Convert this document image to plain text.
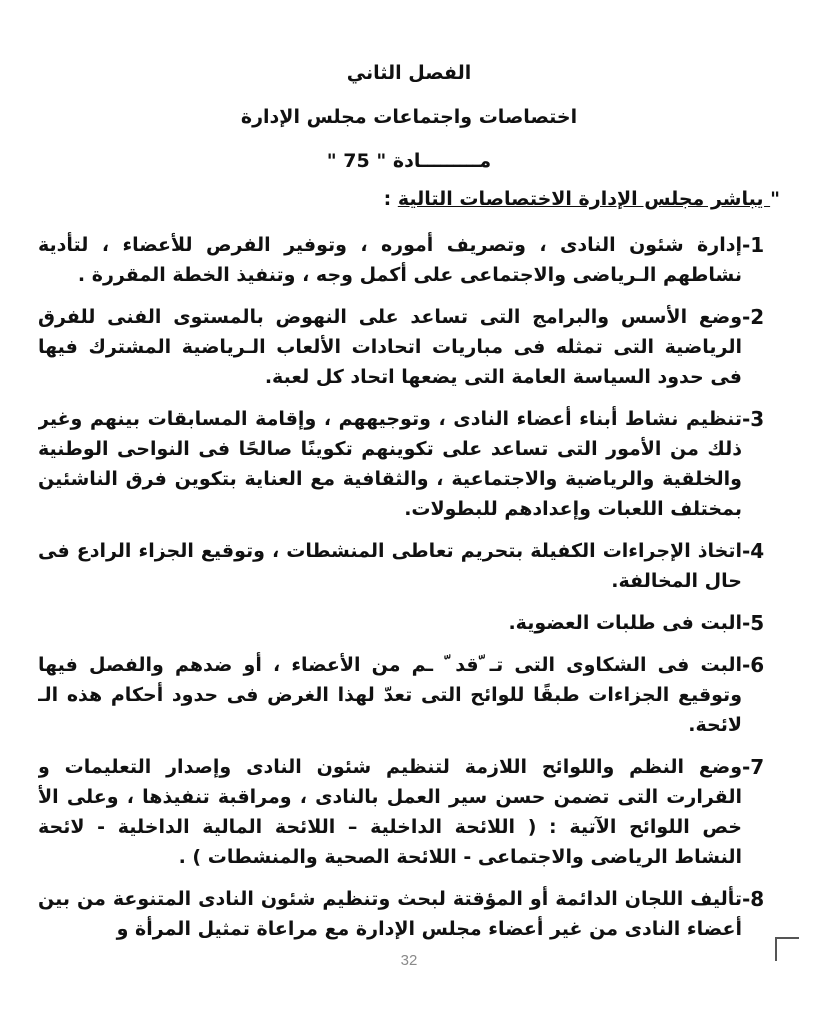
الفصل الثاني
اختصاصات واجتماعات مجلس الإدارة
مـــــــــادة " 75 "
" يباشر مجلس الإدارة الاختصاصات التالية :
-1
إدارة شئون النادى ، وتصريف أموره ، وتوفير الفرص للأعضاء ، لتأدية نشاطهم الـرياضى والاجتماعى على أكمل وجه ، وتنفيذ الخطة المقررة .
-2
وضع الأسس والبرامج التى تساعد على النهوض بالمستوى الفنى للفرق الرياضية التى تمثله فى مباريات اتحادات الألعاب الـرياضية المشترك فيها فى حدود السياسة العامة التى يضعها اتحاد كل لعبة.
-3
تنظيم نشاط أبناء أعضاء النادى ، وتوجيههم ، وإقامة المسابقات بينهم وغير ذلك من الأمور التى تساعد على تكوينهم تكوينًا صالحًا فى النواحى الوطنية والخلقية والرياضية والاجتماعية ، والثقافية مع العناية بتكوين فرق الناشئين بمختلف اللعبات وإعدادهم للبطولات.
-4
اتخاذ الإجراءات الكفيلة بتحريم تعاطى المنشطات ، وتوقيع الجزاء الرادع فى حال المخالفة.
-5
البت فى طلبات العضوية.
-6
البت فى الشكاوى التى تـ ّقد ّ ـم من الأعضاء ، أو ضدهم والفصل فيها وتوقيع الجزاءات طبقًا للوائح التى تعدّ لهذا الغرض فى حدود أحكام هذه الـ لائحة.
-7
وضع النظم واللوائح اللازمة لتنظيم شئون النادى وإصدار التعليمات و القرارت التى تضمن حسن سير العمل بالنادى ، ومراقبة تنفيذها ، وعلى الأ خص اللوائح الآتية : ( اللائحة الداخلية – اللائحة المالية الداخلية - لائحة النشاط الرياضى والاجتماعى - اللائحة الصحية والمنشطات ) .
-8
تأليف اللجان الدائمة أو المؤقتة لبحث وتنظيم شئون النادى المتنوعة من بين أعضاء النادى من غير أعضاء مجلس الإدارة مع مراعاة تمثيل المرأة و
32
